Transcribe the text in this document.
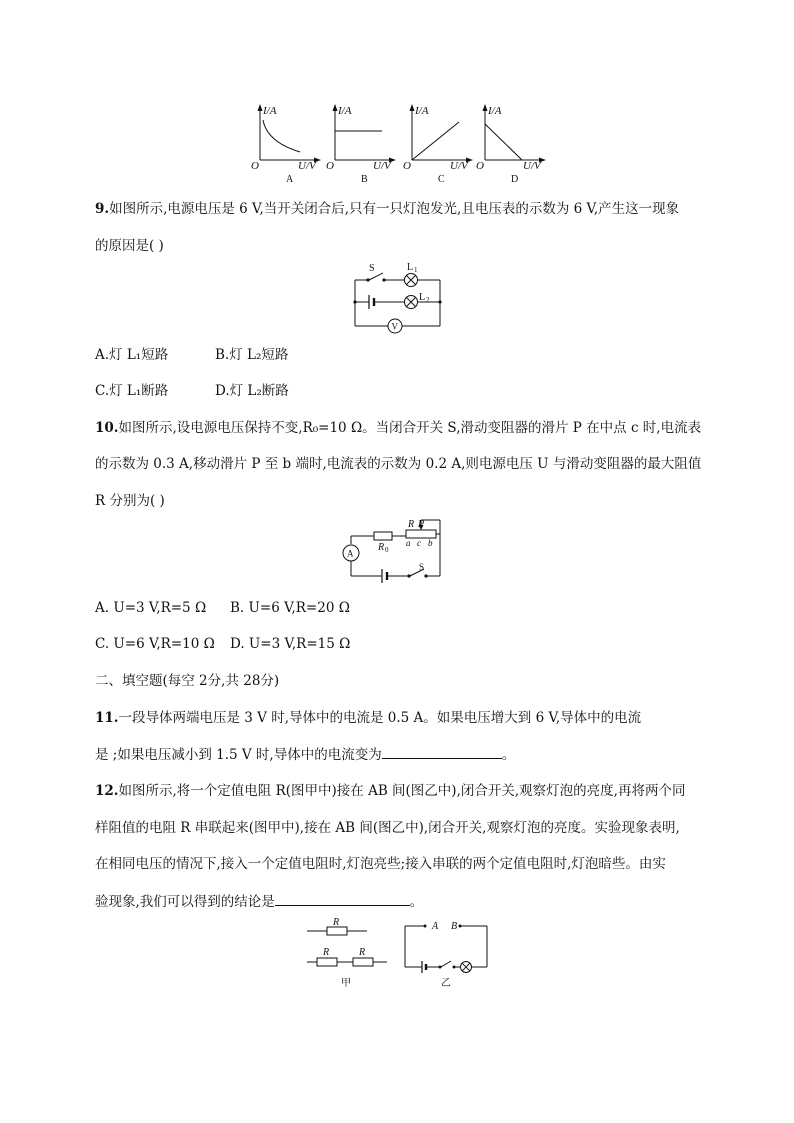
I/A
U/V
O
A
I/A
U/V
O
B
I/A
U/V
O
C
I/A
U/V
O
D
9.如图所示,电源电压是 6 V,当开关闭合后,只有一只灯泡发光,且电压表的示数为 6 V,产生这一现象
的原因是( )
S	L 1
L 2
V
A.灯 L₁短路	B.灯 L₂短路
C.灯 L₁断路	D.灯 L₂断路
10.如图所示,设电源电压保持不变,R₀=10 Ω。当闭合开关 S,滑动变阻器的滑片 P 在中点 c 时,电流表
的示数为 0.3 A,移动滑片 P 至 b 端时,电流表的示数为 0.2 A,则电源电压 U 与滑动变阻器的最大阻值
R 分别为( )
R 0
R P
a c b
A
S
A. U=3 V,R=5 Ω B. U=6 V,R=20 Ω
C. U=6 V,R=10 Ω D. U=3 V,R=15 Ω
二、填空题(每空 2分,共 28分)
11.一段导体两端电压是 3 V 时,导体中的电流是 0.5 A。如果电压增大到 6 V,导体中的电流
是 ;如果电压减小到 1.5 V 时,导体中的电流变为	。
12.如图所示,将一个定值电阻 R(图甲中)接在 AB 间(图乙中),闭合开关,观察灯泡的亮度,再将两个同
样阻值的电阻 R 串联起来(图甲中),接在 AB 间(图乙中),闭合开关,观察灯泡的亮度。实验现象表明,
在相同电压的情况下,接入一个定值电阻时,灯泡亮些;接入串联的两个定值电阻时,灯泡暗些。由实
验现象,我们可以得到的结论是	。
R
R	R
甲
A B
乙
